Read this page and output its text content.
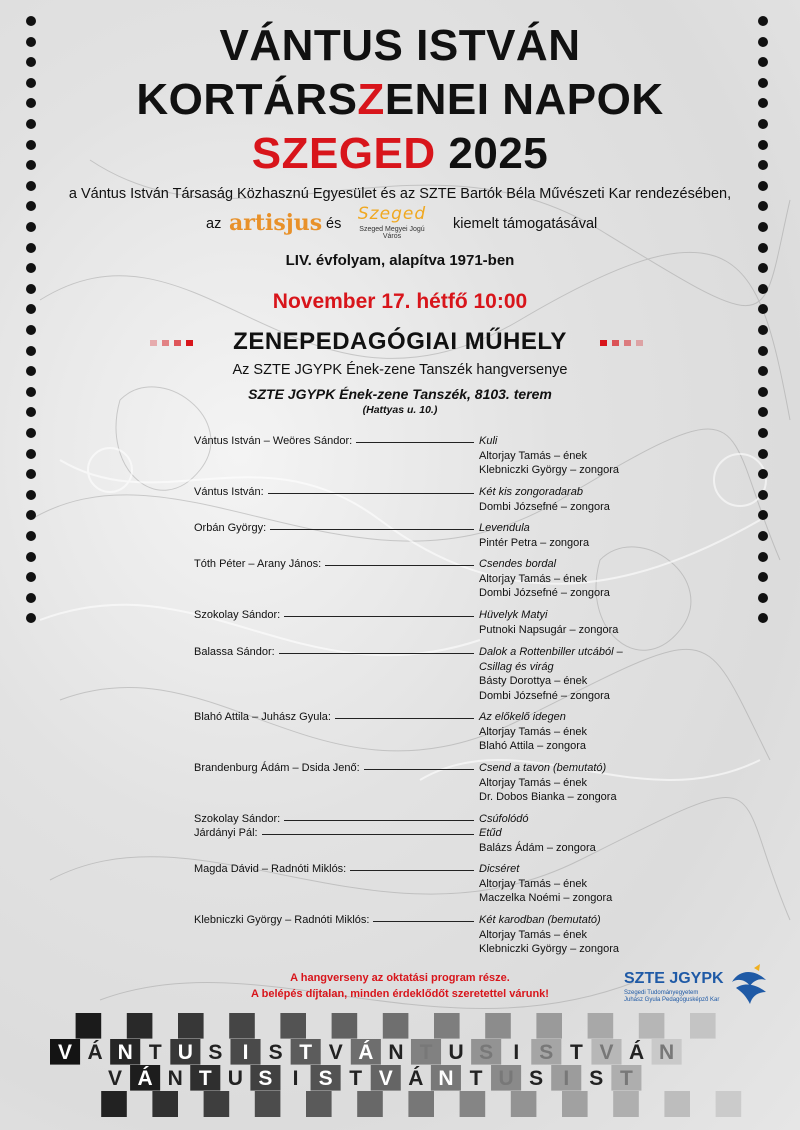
VÁNTUS ISTVÁN
KORTÁRSZENEI NAPOK
SZEGED 2025
a Vántus István Társaság Közhasznú Egyesület és az SZTE Bartók Béla Művészeti Kar rendezésében,
az artisjus és Szeged
Szeged Megyei Jogú Város
kiemelt támogatásával
LIV. évfolyam, alapítva 1971-ben
November 17. hétfő 10:00
ZENEPEDAGÓGIAI MŰHELY
Az SZTE JGYPK Ének-zene Tanszék hangversenye
SZTE JGYPK Ének-zene Tanszék, 8103. terem
(Hattyas u. 10.)
Vántus István – Weöres Sándor:	Kuli
Altorjay Tamás – ének
Klebniczki György – zongora
Vántus István:	Két kis zongoradarab
Dombi Józsefné – zongora
Orbán György:	Levendula
Pintér Petra – zongora
Tóth Péter – Arany János:	Csendes bordal
Altorjay Tamás – ének
Dombi Józsefné – zongora
Szokolay Sándor:	Hüvelyk Matyi
Putnoki Napsugár – zongora
Balassa Sándor:	Dalok a Rottenbiller utcából –
Csillag és virág
Básty Dorottya – ének
Dombi Józsefné – zongora
Blahó Attila – Juhász Gyula:	Az előkelő idegen
Altorjay Tamás – ének
Blahó Attila – zongora
Brandenburg Ádám – Dsida Jenő:	Csend a tavon (bemutató)
Altorjay Tamás – ének
Dr. Dobos Bianka – zongora
Szokolay Sándor:	Csúfolódó
Járdányi Pál:	Etűd
Balázs Ádám – zongora
Magda Dávid – Radnóti Miklós:	Dicséret
Altorjay Tamás – ének
Maczelka Noémi – zongora
Klebniczki György – Radnóti Miklós:	Két karodban (bemutató)
Altorjay Tamás – ének
Klebniczki György – zongora
A hangverseny az oktatási program része.
A belépés díjtalan, minden érdeklődőt szeretettel várunk!
SZTE JGYPK
Szegedi Tudományegyetem
Juhász Gyula Pedagógusképző Kar
V Á N T U S I S T V Á N T U S I S T V Á N
V Á N T U S I S T V Á N T U S I S T
